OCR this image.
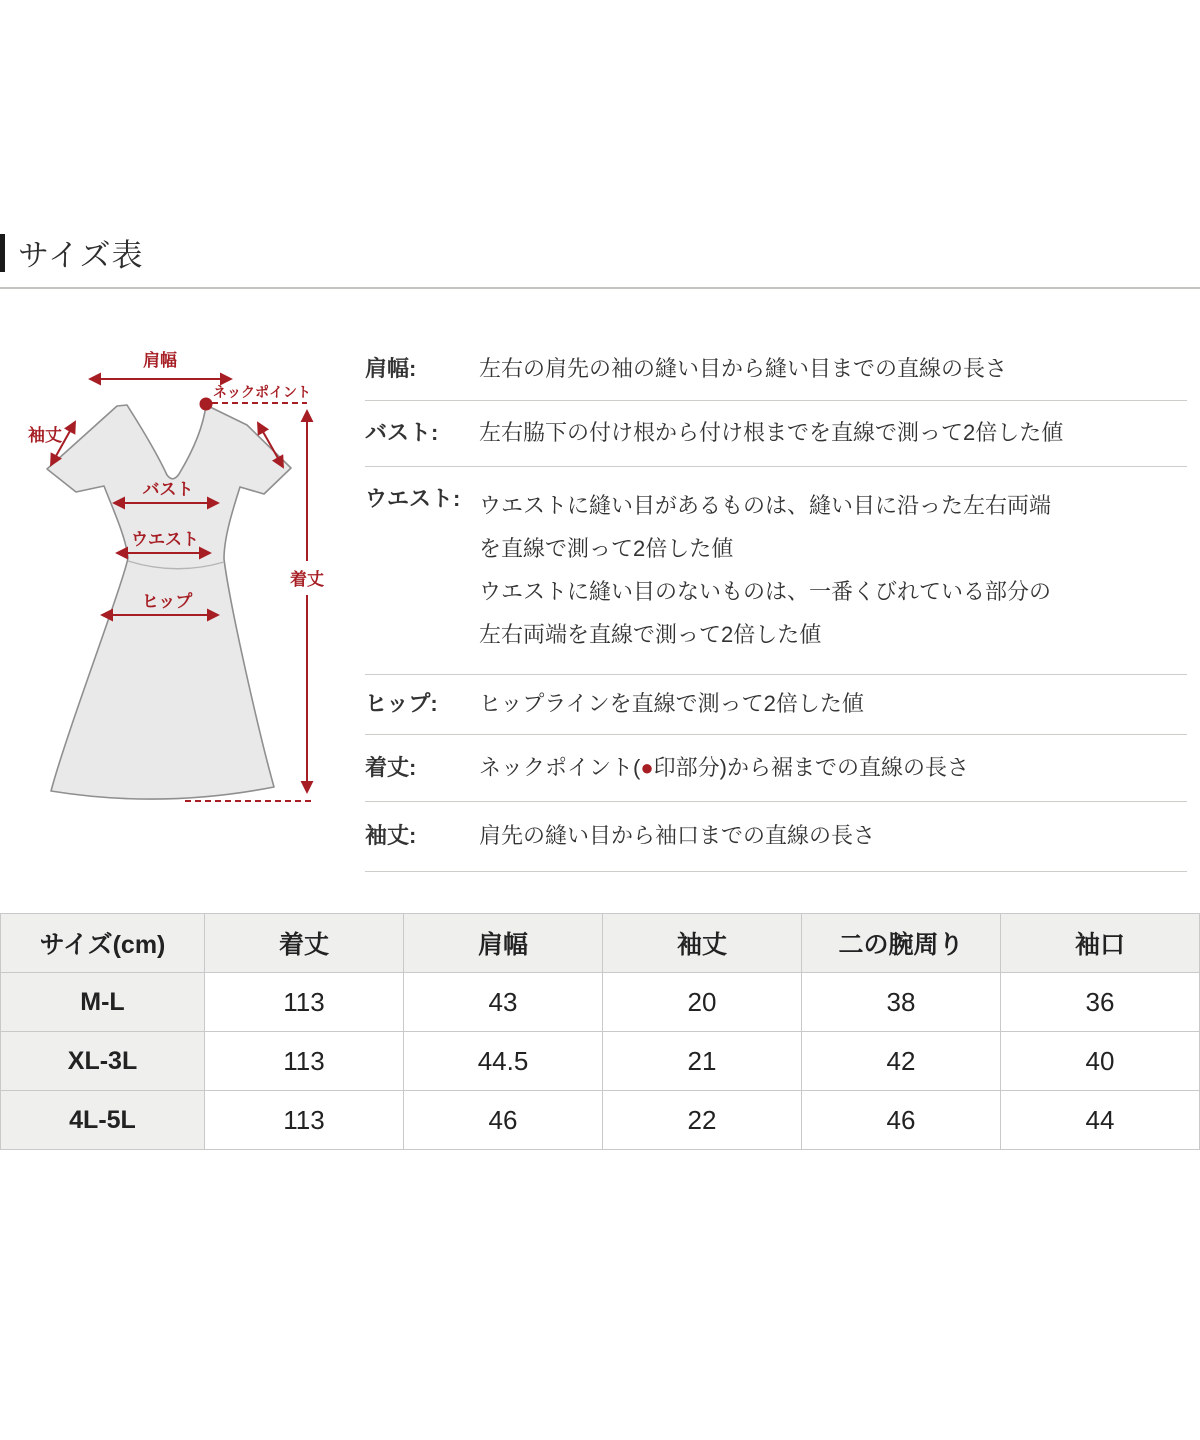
サイズ表
肩幅
ネックポイント
袖丈
バスト
ウエスト
ヒップ
着丈
肩幅:	左右の肩先の袖の縫い目から縫い目までの直線の長さ
バスト:	左右脇下の付け根から付け根までを直線で測って2倍した値
ウエスト: ウエストに縫い目があるものは、縫い目に沿った左右両端
を直線で測って2倍した値
ウエストに縫い目のないものは、一番くびれている部分の
左右両端を直線で測って2倍した値
ヒップ:	ヒップラインを直線で測って2倍した値
着丈:	ネックポイント(●印部分)から裾までの直線の長さ
袖丈:	肩先の縫い目から袖口までの直線の長さ
サイズ(cm)	着丈	肩幅	袖丈	二の腕周り	袖口
M-L	113	43	20	38	36
XL-3L	113	44.5	21	42	40
4L-5L	113	46	22	46	44
